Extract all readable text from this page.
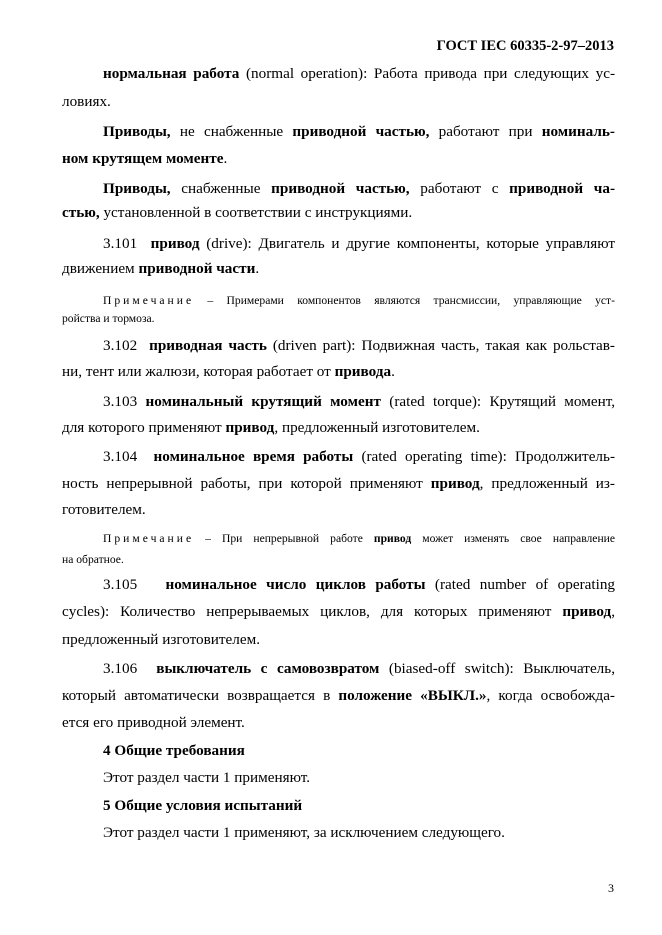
ГОСТ IEC 60335-2-97–2013
нормальная работа (normal operation): Работа привода при следующих ус-
ловиях.
Приводы, не снабженные приводной частью, работают при номиналь-
ном крутящем моменте.
Приводы, снабженные приводной частью, работают с приводной ча-
стью, установленной в соответствии с инструкциями.
3.101 привод (drive): Двигатель и другие компоненты, которые управляют
движением приводной части.
Примечание – Примерами компонентов являются трансмиссии, управляющие уст-
ройства и тормоза.
3.102 приводная часть (driven part): Подвижная часть, такая как рольстав-
ни, тент или жалюзи, которая работает от привода.
3.103 номинальный крутящий момент (rated torque): Крутящий момент,
для которого применяют привод, предложенный изготовителем.
3.104 номинальное время работы (rated operating time): Продолжитель-
ность непрерывной работы, при которой применяют привод, предложенный из-
готовителем.
Примечание – При непрерывной работе привод может изменять свое направление
на обратное.
3.105 номинальное число циклов работы (rated number of operating
cycles): Количество непрерываемых циклов, для которых применяют привод,
предложенный изготовителем.
3.106 выключатель с самовозвратом (biased-off switch): Выключатель,
который автоматически возвращается в положение «ВЫКЛ.», когда освобожда-
ется его приводной элемент.
4 Общие требования
Этот раздел части 1 применяют.
5 Общие условия испытаний
Этот раздел части 1 применяют, за исключением следующего.
3
